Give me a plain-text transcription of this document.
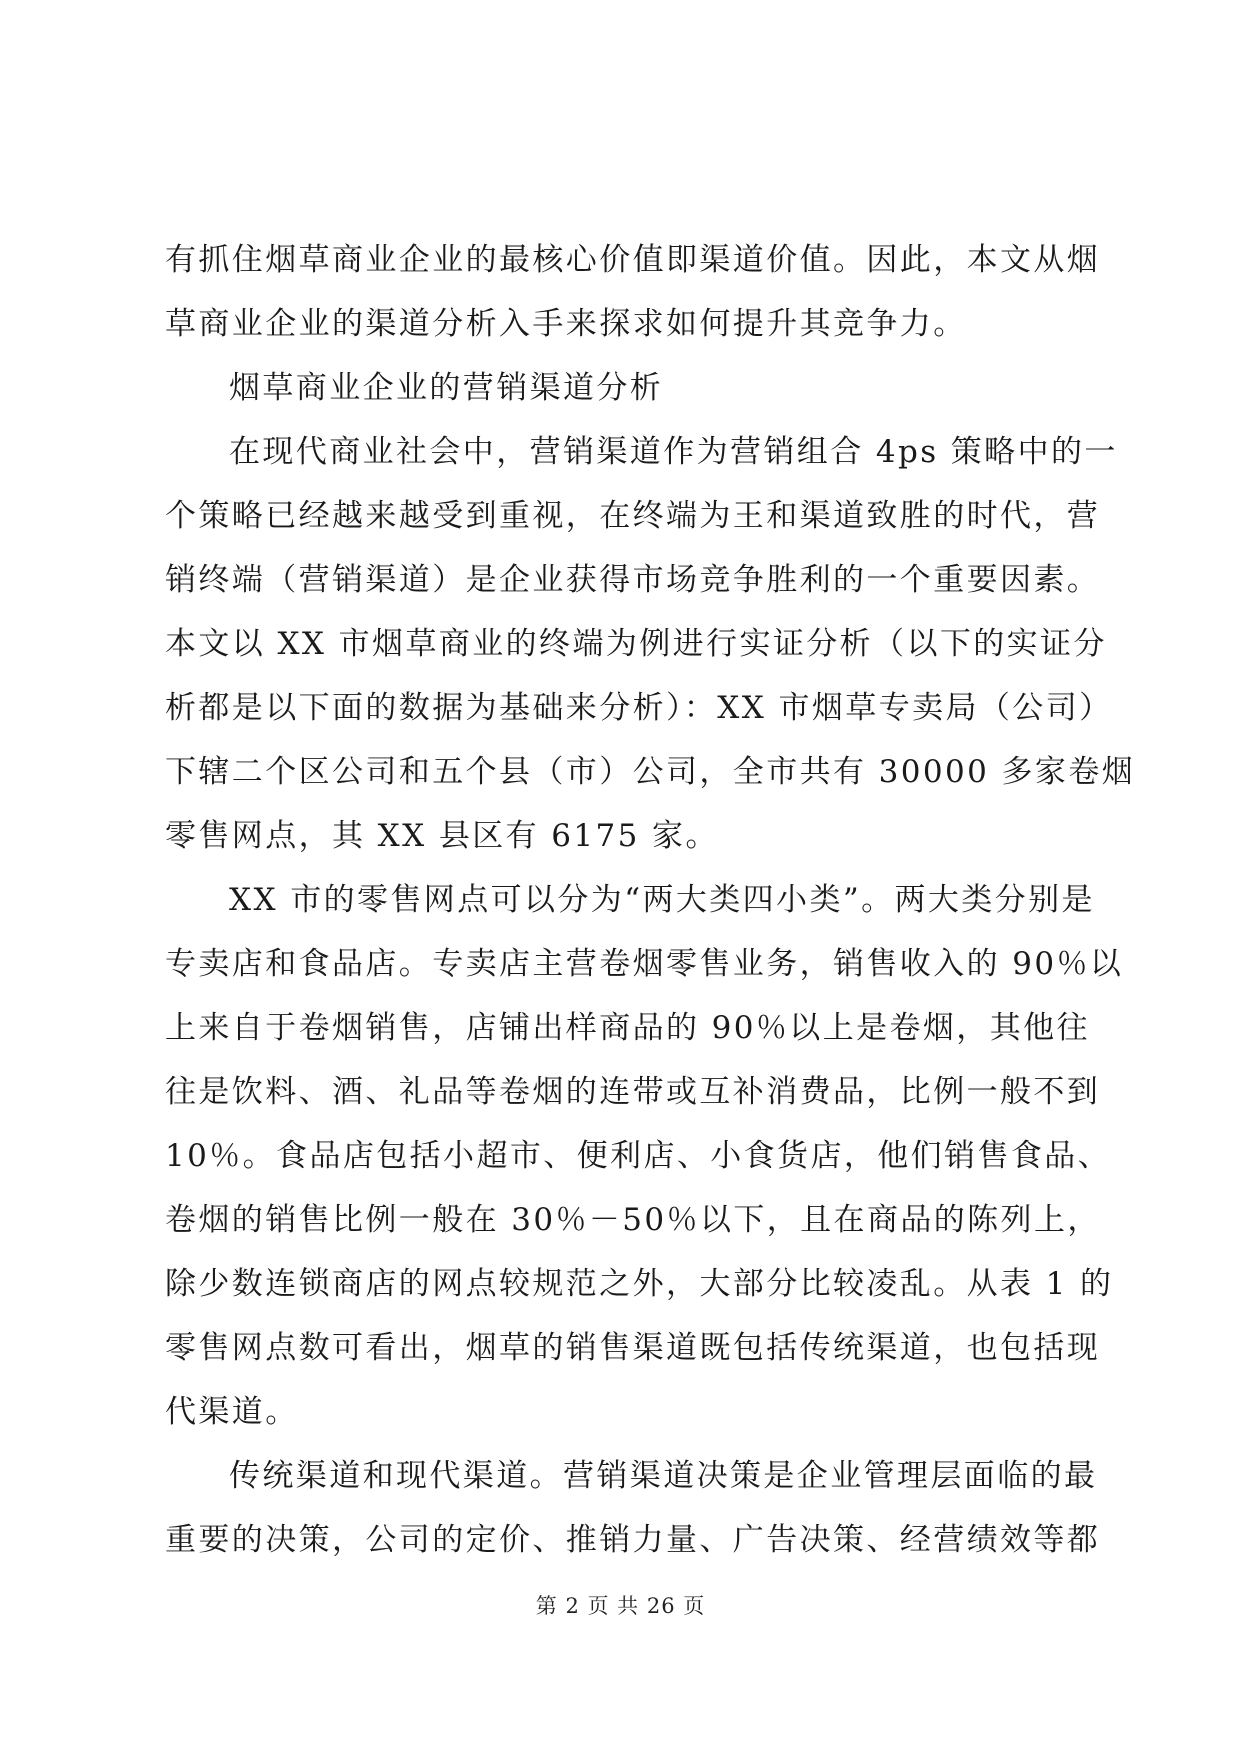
有抓住烟草商业企业的最核心价值即渠道价值。因此，本文从烟
草商业企业的渠道分析入手来探求如何提升其竞争力。
烟草商业企业的营销渠道分析
在现代商业社会中，营销渠道作为营销组合 4ps 策略中的一
个策略已经越来越受到重视，在终端为王和渠道致胜的时代，营
销终端（营销渠道）是企业获得市场竞争胜利的一个重要因素。
本文以 XX 市烟草商业的终端为例进行实证分析（以下的实证分
析都是以下面的数据为基础来分析）：XX 市烟草专卖局（公司）
下辖二个区公司和五个县（市）公司，全市共有 30000 多家卷烟
零售网点，其 XX 县区有 6175 家。
XX 市的零售网点可以分为“两大类四小类”。两大类分别是
专卖店和食品店。专卖店主营卷烟零售业务，销售收入的 90％以
上来自于卷烟销售，店铺出样商品的 90％以上是卷烟，其他往
往是饮料、酒、礼品等卷烟的连带或互补消费品，比例一般不到
10％。食品店包括小超市、便利店、小食货店，他们销售食品、
卷烟的销售比例一般在 30％－50％以下，且在商品的陈列上，
除少数连锁商店的网点较规范之外，大部分比较凌乱。从表 1 的
零售网点数可看出，烟草的销售渠道既包括传统渠道，也包括现
代渠道。
传统渠道和现代渠道。营销渠道决策是企业管理层面临的最
重要的决策，公司的定价、推销力量、广告决策、经营绩效等都
第 2 页 共 26 页
